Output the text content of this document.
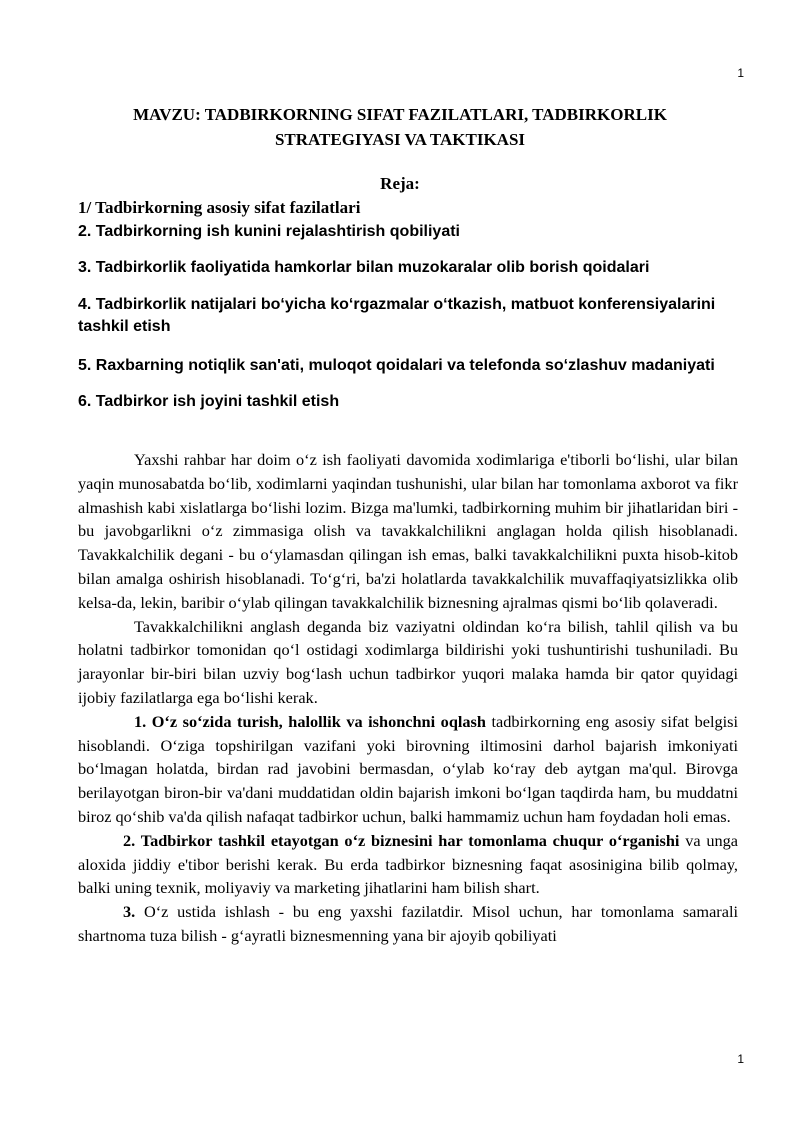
1
MAVZU: TADBIRKORNING SIFAT FAZILATLARI, TADBIRKORLIK
STRATEGIYASI VA TAKTIKASI
Reja:
1/ Tadbirkorning asosiy sifat fazilatlari
2. Tadbirkorning ish kunini rejalashtirish qobiliyati
3. Tadbirkorlik faoliyatida hamkorlar bilan muzokaralar olib borish qoidalari
4. Tadbirkorlik natijalari boʻyicha koʻrgazmalar oʻtkazish, matbuot konferensiyalarini tashkil etish
5. Raxbarning notiqlik san'ati, muloqot qoidalari va telefonda soʻzlashuv madaniyati
6. Tadbirkor ish joyini tashkil etish

Yaxshi rahbar har doim oʻz ish faoliyati davomida xodimlariga e'tiborli boʻlishi, ular bilan yaqin munosabatda boʻlib, xodimlarni yaqindan tushunishi, ular bilan har tomonlama axborot va fikr almashish kabi xislatlarga boʻlishi lozim. Bizga ma'lumki, tadbirkorning muhim bir jihatlaridan biri - bu javobgarlikni oʻz zimmasiga olish va tavakkalchilikni anglagan holda qilish hisoblanadi. Tavakkalchilik degani - bu oʻylamasdan qilingan ish emas, balki tavakkalchilikni puxta hisob-kitob bilan amalga oshirish hisoblanadi. Toʻgʻri, ba'zi holatlarda tavakkalchilik muvaffaqiyatsizlikka olib kelsa-da, lekin, baribir oʻylab qilingan tavakkalchilik biznesning ajralmas qismi boʻlib qolaveradi.

Tavakkalchilikni anglash deganda biz vaziyatni oldindan koʻra bilish, tahlil qilish va bu holatni tadbirkor tomonidan qoʻl ostidagi xodimlarga bildirishi yoki tushuntirishi tushuniladi. Bu jarayonlar bir-biri bilan uzviy bogʻlash uchun tadbirkor yuqori malaka hamda bir qator quyidagi ijobiy fazilatlarga ega boʻlishi kerak.

1. Oʻz soʻzida turish, halollik va ishonchni oqlash tadbirkorning eng asosiy sifat belgisi hisoblandi. Oʻziga topshirilgan vazifani yoki birovning iltimosini darhol bajarish imkoniyati boʻlmagan holatda, birdan rad javobini bermasdan, oʻylab koʻray deb aytgan ma'qul. Birovga berilayotgan biron-bir va'dani muddatidan oldin bajarish imkoni boʻlgan taqdirda ham, bu muddatni biroz qoʻshib va'da qilish nafaqat tadbirkor uchun, balki hammamiz uchun ham foydadan holi emas.

2. Tadbirkor tashkil etayotgan oʻz biznesini har tomonlama chuqur oʻrganishi va unga aloxida jiddiy e'tibor berishi kerak. Bu erda tadbirkor biznesning faqat asosinigina bilib qolmay, balki uning texnik, moliyaviy va marketing jihatlarini ham bilish shart.

3. Oʻz ustida ishlash - bu eng yaxshi fazilatdir. Misol uchun, har tomonlama samarali shartnoma tuza bilish - gʻayratli biznesmenning yana bir ajoyib qobiliyati

1
